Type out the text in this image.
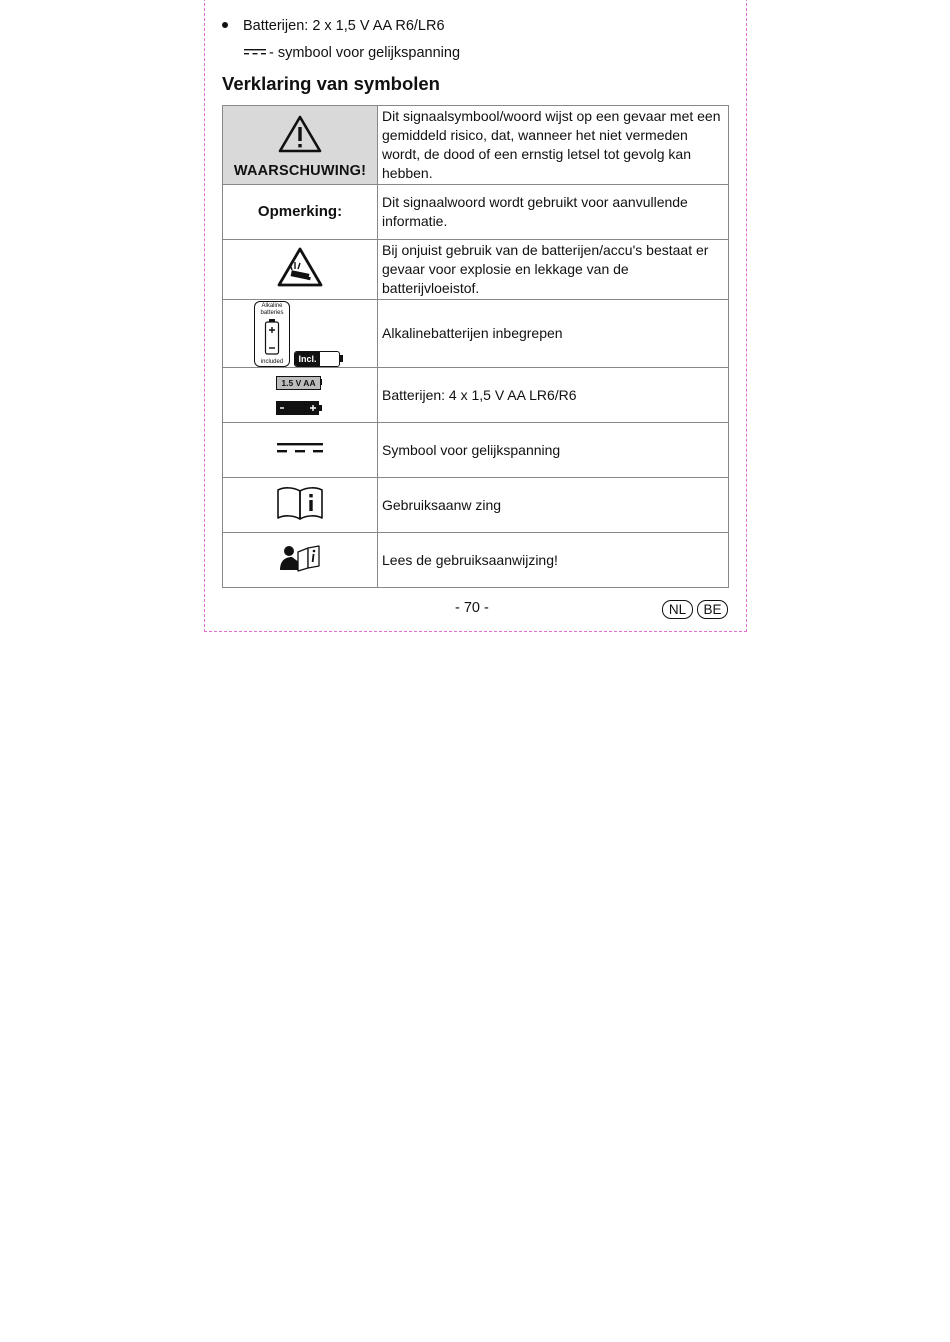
Batterijen: 2 x 1,5 V AA R6/LR6
- symbool voor gelijkspanning
Verklaring van symbolen
WAARSCHUWING!	Dit signaalsymbool/woord wijst op een gevaar met een gemiddeld risico, dat, wanneer het niet vermeden wordt, de dood of een ernstig letsel tot gevolg kan hebben.
Opmerking:	Dit signaalwoord wordt gebruikt voor aanvullende informatie.
	Bij onjuist gebruik van de batterijen/accu's bestaat er gevaar voor explosie en lekkage van de batterijvloeistof.

Alkaline
batteries
included Incl.	Alkalinebatterijen inbegrepen

1.5 V AA	Batterijen: 4 x 1,5 V AA LR6/R6
	Symbool voor gelijkspanning
	Gebruiksaanw zing
	Lees de gebruiksaanwijzing!
- 70 -	NL	BE
